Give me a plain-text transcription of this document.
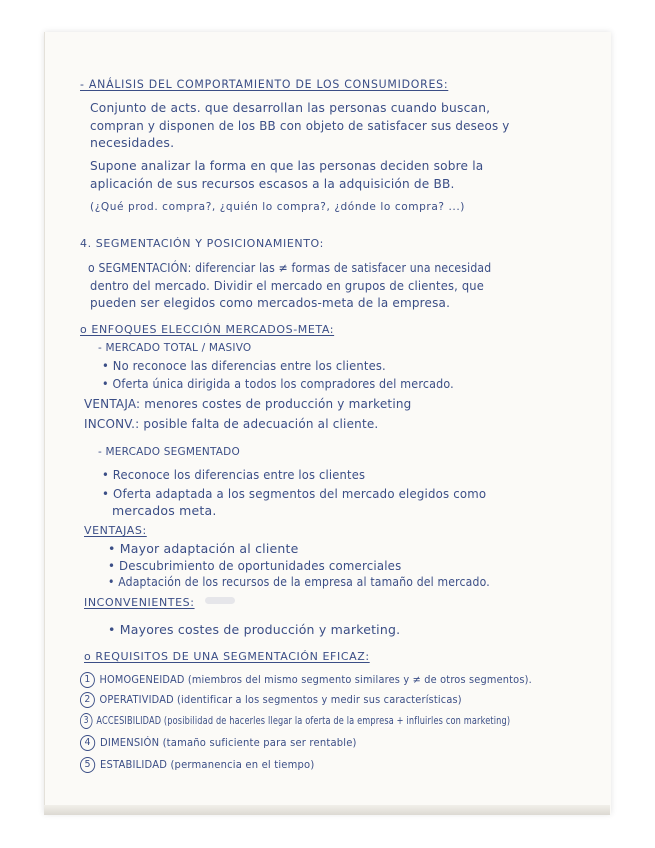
- ANÁLISIS DEL COMPORTAMIENTO DE LOS CONSUMIDORES:
Conjunto de acts. que desarrollan las personas cuando buscan,
compran y disponen de los BB con objeto de satisfacer sus deseos y
necesidades.
Supone analizar la forma en que las personas deciden sobre la
aplicación de sus recursos escasos a la adquisición de BB.
(¿Qué prod. compra?, ¿quién lo compra?, ¿dónde lo compra? ...)
4. SEGMENTACIÓN Y POSICIONAMIENTO:
o SEGMENTACIÓN: diferenciar las ≠ formas de satisfacer una necesidad
dentro del mercado. Dividir el mercado en grupos de clientes, que
pueden ser elegidos como mercados-meta de la empresa.
o ENFOQUES ELECCIÓN MERCADOS-META:
- MERCADO TOTAL / MASIVO
• No reconoce las diferencias entre los clientes.
• Oferta única dirigida a todos los compradores del mercado.
VENTAJA: menores costes de producción y marketing
INCONV.: posible falta de adecuación al cliente.
- MERCADO SEGMENTADO
• Reconoce los diferencias entre los clientes
• Oferta adaptada a los segmentos del mercado elegidos como
mercados meta.
VENTAJAS:
• Mayor adaptación al cliente
• Descubrimiento de oportunidades comerciales
• Adaptación de los recursos de la empresa al tamaño del mercado.
INCONVENIENTES:
• Mayores costes de producción y marketing.
o REQUISITOS DE UNA SEGMENTACIÓN EFICAZ:
1 HOMOGENEIDAD (miembros del mismo segmento similares y ≠ de otros segmentos).
2 OPERATIVIDAD (identificar a los segmentos y medir sus características)
3 ACCESIBILIDAD (posibilidad de hacerles llegar la oferta de la empresa + influirles con marketing)
4 DIMENSIÓN (tamaño suficiente para ser rentable)
5 ESTABILIDAD (permanencia en el tiempo)
